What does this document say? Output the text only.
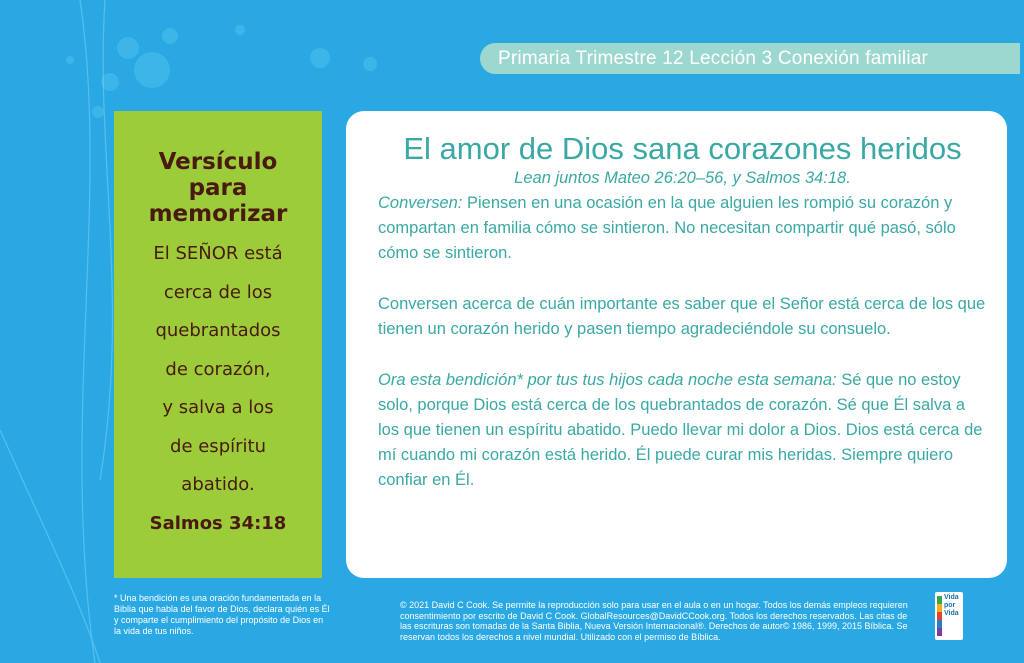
Primaria Trimestre 12 Lección 3 Conexión familiar
Versículo
para
memorizar
El SEÑOR está
cerca de los
quebrantados
de corazón,
y salva a los
de espíritu
abatido.
Salmos 34:18
El amor de Dios sana corazones heridos
Lean juntos Mateo 26:20–56, y Salmos 34:18.

Conversen: Piensen en una ocasión en la que alguien les rompió su corazón y compartan en familia cómo se sintieron. No necesitan compartir qué pasó, sólo cómo se sintieron.

Conversen acerca de cuán importante es saber que el Señor está cerca de los que tienen un corazón herido y pasen tiempo agradeciéndole su consuelo.

Ora esta bendición* por tus tus hijos cada noche esta semana: Sé que no estoy solo, porque Dios está cerca de los quebrantados de corazón. Sé que Él salva a los que tienen un espíritu abatido. Puedo llevar mi dolor a Dios. Dios está cerca de mí cuando mi corazón está herido. Él puede curar mis heridas. Siempre quiero confiar en Él.

* Una bendición es una oración fundamentada en la Biblia que habla del favor de Dios, declara quién es Él y comparte el cumplimiento del propósito de Dios en la vida de tus niños.
© 2021 David C Cook. Se permite la reproducción solo para usar en el aula o en un hogar. Todos los demás empleos requieren consentimiento por escrito de David C Cook. GlobalResources@DavidCCook.org. Todos los derechos reservados. Las citas de las escrituras son tomadas de la Santa Biblia, Nueva Versión Internacional®. Derechos de autor© 1986, 1999, 2015 Bíblica. Se reservan todos los derechos a nivel mundial. Utilizado con el permiso de Bíblica.
Vida
por
Vida
